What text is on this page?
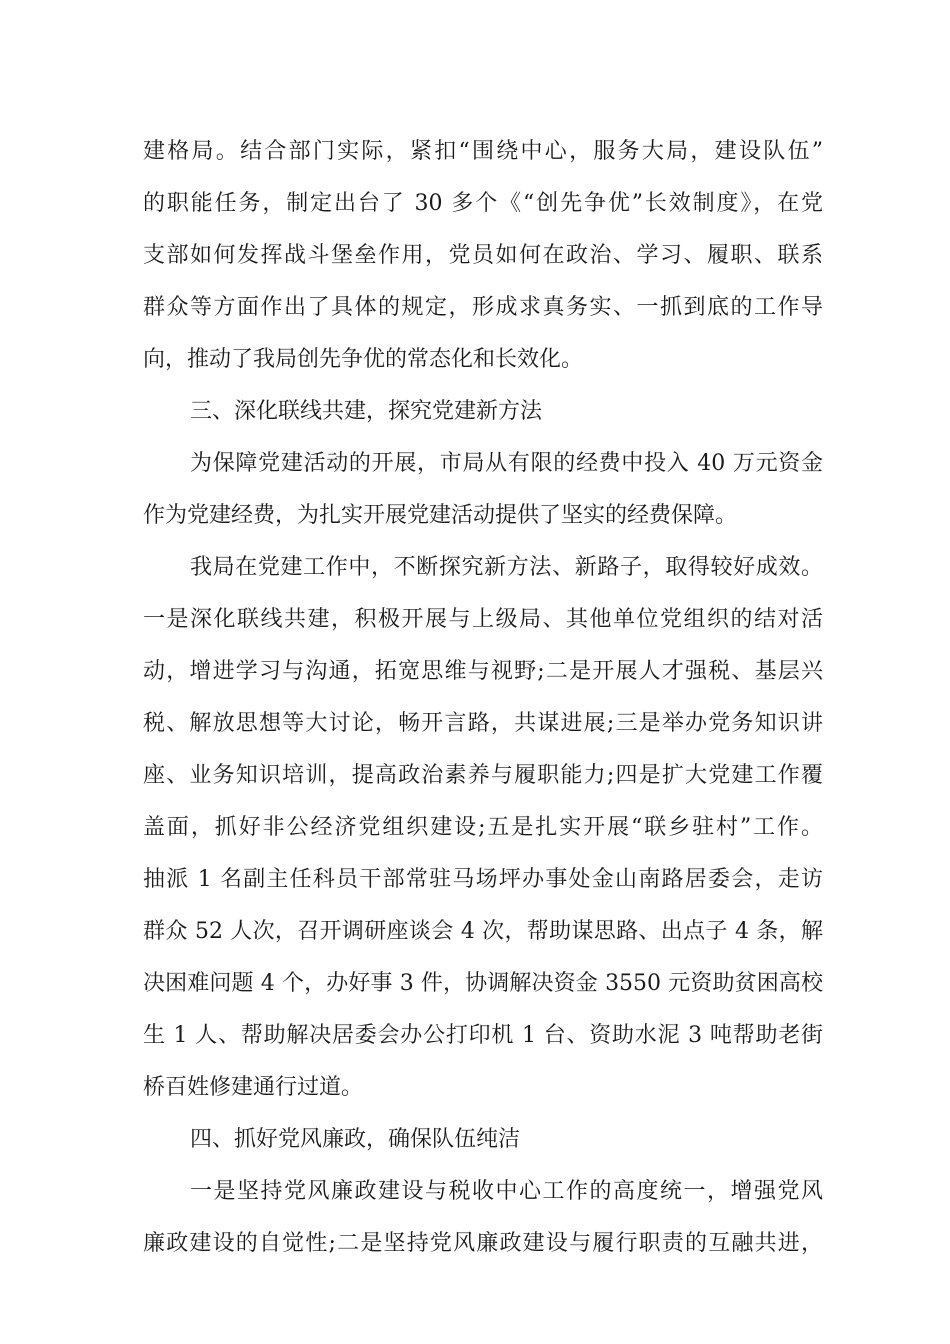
建格局。结合部门实际，紧扣“围绕中心，服务大局，建设队伍”
的职能任务，制定出台了 30 多个《“创先争优”长效制度》，在党
支部如何发挥战斗堡垒作用，党员如何在政治、学习、履职、联系
群众等方面作出了具体的规定，形成求真务实、一抓到底的工作导
向，推动了我局创先争优的常态化和长效化。
三、深化联线共建，探究党建新方法
为保障党建活动的开展，市局从有限的经费中投入 40 万元资金
作为党建经费，为扎实开展党建活动提供了坚实的经费保障。
我局在党建工作中，不断探究新方法、新路子，取得较好成效。
一是深化联线共建，积极开展与上级局、其他单位党组织的结对活
动，增进学习与沟通，拓宽思维与视野;二是开展人才强税、基层兴
税、解放思想等大讨论，畅开言路，共谋进展;三是举办党务知识讲
座、业务知识培训，提高政治素养与履职能力;四是扩大党建工作覆
盖面，抓好非公经济党组织建设;五是扎实开展“联乡驻村”工作。
抽派 1 名副主任科员干部常驻马场坪办事处金山南路居委会，走访
群众 52 人次，召开调研座谈会 4 次，帮助谋思路、出点子 4 条，解
决困难问题 4 个，办好事 3 件，协调解决资金 3550 元资助贫困高校
生 1 人、帮助解决居委会办公打印机 1 台、资助水泥 3 吨帮助老街
桥百姓修建通行过道。
四、抓好党风廉政，确保队伍纯洁
一是坚持党风廉政建设与税收中心工作的高度统一，增强党风
廉政建设的自觉性;二是坚持党风廉政建设与履行职责的互融共进，
